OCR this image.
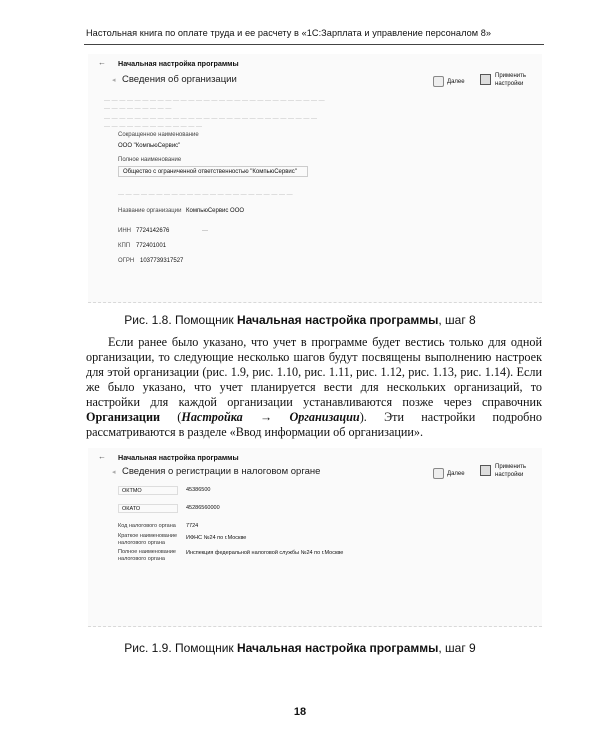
Настольная книга по оплате труда и ее расчету в «1С:Зарплата и управление персоналом 8»
Начальная настройка программы
←
◂ Сведения об организации	Далее
Применить
настройки
— — — — — — — — — — — — — — — — — — — — — — — — — — — — —
— — — — — — — — —
— — — — — — — — — — — — — — — — — — — — — — — — — — — —
— — — — — — — — — — — — —
Сокращенное наименование
ООО "КомпьюСервис"
Полное наименование
Общество с ограниченной ответственностью "КомпьюСервис"
— — — — — — — — — — — — — — — — — — — — — — —
Название организации КомпьюСервис ООО
ИНН 7724142676	—
КПП 772401001
ОГРН 1037739317527
Рис. 1.8. Помощник Начальная настройка программы, шаг 8

Если ранее было указано, что учет в программе будет вестись только для одной организации, то следующие несколько шагов будут посвящены выполнению настроек для этой организации (рис. 1.9, рис. 1.10, рис. 1.11, рис. 1.12, рис. 1.13, рис. 1.14). Если же было указано, что учет планируется вести для нескольких организаций, то настройки для каждой организации устанавливаются позже через справочник Организации (Настройка → Организации). Эти настройки подробно рассматриваются в разделе «Ввод информации об организации».

Начальная настройка программы
←
◂ Сведения о регистрации в налоговом органе	Далее
Применить
настройки
ОКТМО	45386500
ОКАТО	45286560000
Код налогового органа 7724
Краткое наименование
налогового органа
ИФНС №24 по г.Москве
Полное наименование
налогового органа
Инспекция федеральной налоговой службы №24 по г.Москве
Рис. 1.9. Помощник Начальная настройка программы, шаг 9
18
